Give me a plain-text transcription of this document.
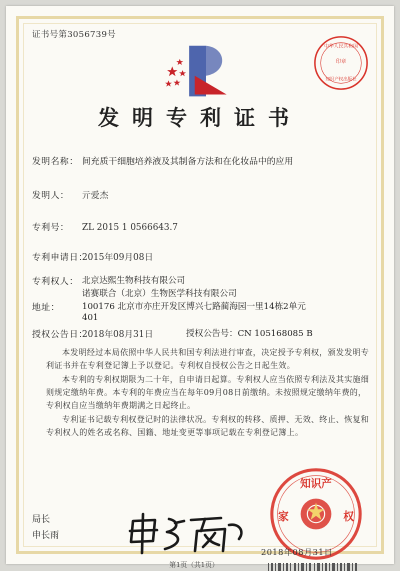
证书号第3056739号
中华人民共和国
印章
知识产权出版社
发明专利证书
发明名称： 间充质干细胞培养液及其制备方法和在化妆品中的应用
发明人： 亓爱杰
专利号： ZL 2015 1 0566643.7
专利申请日：2015年09月08日
专利权人： 北京达熙生物科技有限公司
诺赛联合（北京）生物医学科技有限公司
地址：	100176 北京市亦庄开发区博兴七路蔺海园一里14栋2单元
401
授权公告日：2018年08月31日	授权公告号：CN 105168085 B
本发明经过本局依照中华人民共和国专利法进行审查，决定授予专利权，颁发发明专利证书并在专利登记簿上予以登记。专利权自授权公告之日起生效。
本专利的专利权期限为二十年，自申请日起算。专利权人应当依照专利法及其实施细则规定缴纳年费。本专利的年费应当在每年09月08日前缴纳。未按照规定缴纳年费的，专利权自应当缴纳年费期满之日起终止。
专利证书记载专利权登记时的法律状况。专利权的转移、质押、无效、终止、恢复和专利权人的姓名或名称、国籍、地址变更等事项记载在专利登记簿上。
局长
申长雨
知识产
家	权
2018年08月31日
第1页（共1页）
